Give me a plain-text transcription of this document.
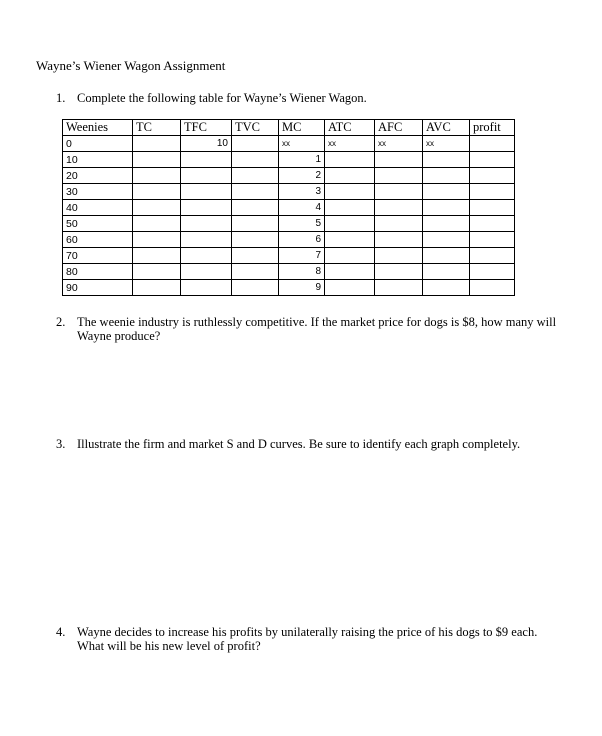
Wayne’s Wiener Wagon Assignment
1. Complete the following table for Wayne’s Wiener Wagon.
Weenies	TC	TFC	TVC	MC	ATC	AFC	AVC	profit
0		10		xx	xx	xx	xx	
10				1				
20				2				
30				3				
40				4				
50				5				
60				6				
70				7				
80				8				
90				9				
2. The weenie industry is ruthlessly competitive. If the market price for dogs is $8, how many will Wayne produce?
3. Illustrate the firm and market S and D curves. Be sure to identify each graph completely.
4. Wayne decides to increase his profits by unilaterally raising the price of his dogs to $9 each. What will be his new level of profit?
